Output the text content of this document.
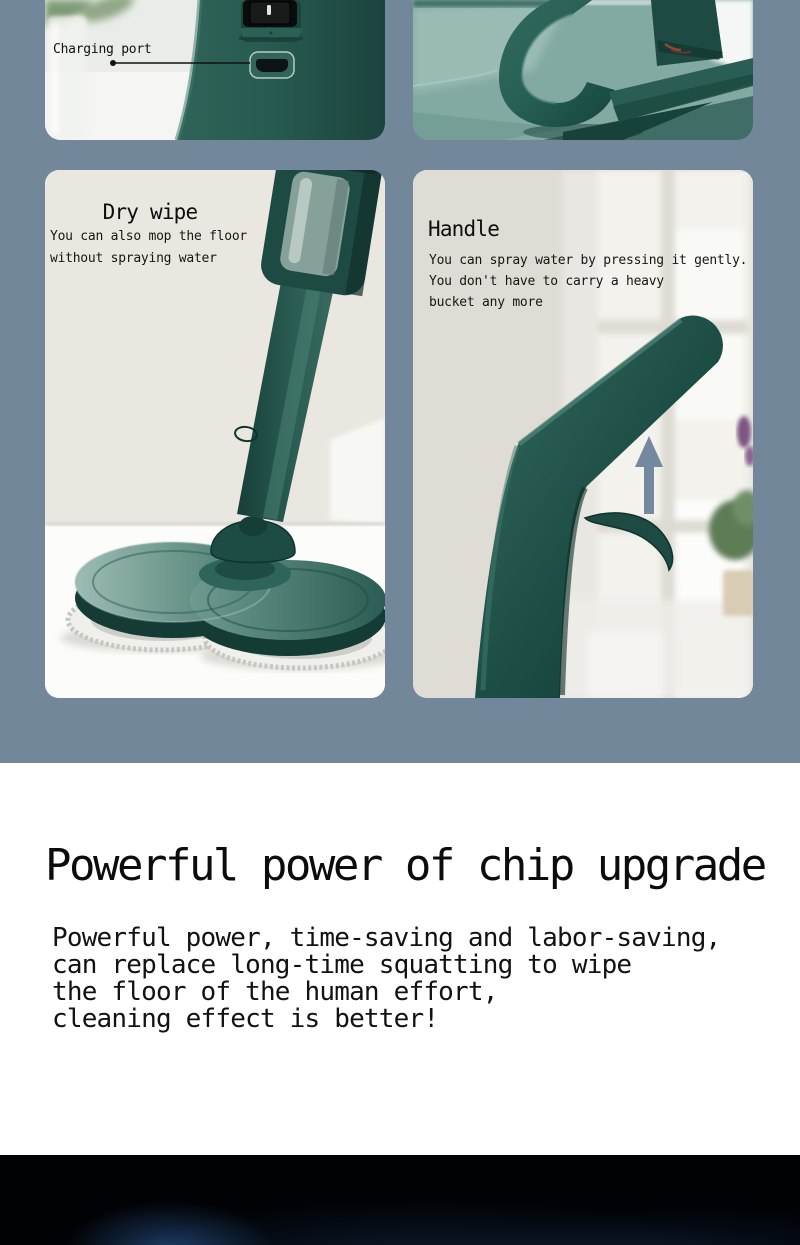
Charging port
Dry wipe
You can also mop the floor
without spraying water
Handle
You can spray water by pressing it gently.
You don't have to carry a heavy
bucket any more
Powerful power of chip upgrade
Powerful power, time-saving and labor-saving,
can replace long-time squatting to wipe
the floor of the human effort,
cleaning effect is better!
